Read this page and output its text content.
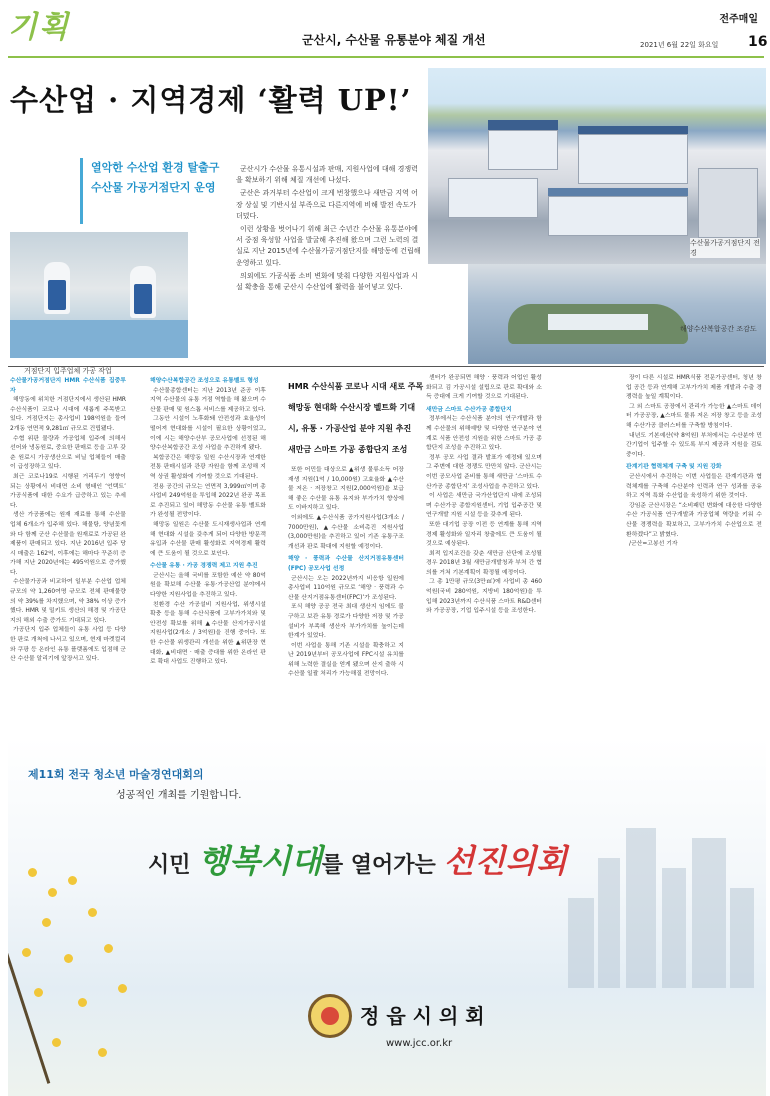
기획	군산시, 수산물 유통분야 체질 개선
전주매일
2021년 6월 22일 화요일 16
수산업 · 지역경제 ‘활력 UP!’
수산물가공거점단지 전경
열악한 수산업 환경 탈출구
수산물 가공거점단지 운영

군산시가 수산물 유통시설과 판매, 지원사업에 대해 경쟁력을 확보하기 위해 체질 개선에 나섰다.

군산은 과거부터 수산업이 크게 번창했으나 새만금 지역 어장 상실 및 기반시설 부족으로 다른지역에 비해 발전 속도가 더뎠다.

이런 상황을 벗어나기 위해 최근 수년간 수산물 유통분야에서 중점 육성할 사업을 발굴해 추진해 왔으며 그런 노력의 결실로 지난 2015년에 수산물가공거점단지를 해망동에 건립해 운영하고 있다.

의외에도 가공식품 소비 변화에 맞춰 다양한 지원사업과 시설 확충을 통해 군산시 수산업에 활력을 불어넣고 있다.

거점단지 입주업체 가공 작업
해양수산복합공간 조감도
수산물가공거점단지 HMR 수산식품 집중투자

해망동에 위치한 거점단지에서 생산된 HMR 수산식품이 코로나 시대에 새롭게 주목받고 있다. 거점단지는 총사업비 198억원을 들여 2개동 연면적 9,281㎡ 규모로 건립됐다.

수협 위판 물량과 가공업체 입주에 의해서 선어와 냉동원료, 중요한 판매로 등을 고루 갖춘 원료시 가공생산으로 비닐 업체들이 매출이 급성장하고 있다.

최근 코로나19로 시행된 거리두기 영향이 되는 상황에서 비대면 소비 형태인 ‘언택트’ 가공식품에 대한 수요가 급증하고 있는 추세다.

생산 가공품에는 원재 재료를 통해 수산물 업체 6개소가 입주해 있다. 해물탕, 양념꽃게와 다 함께 군산 수산물을 원재료로 가공된 완제품이 판매되고 있다. 지난 2016년 입주 당시 매출은 162억, 이후에는 해마다 꾸준히 증가해 지난 2020년에는 495억원으로 증가했다.

수산물가공과 비교하여 일부분 수산업 업체 규모의 약 1,260여명 규모로 전체 판매물량의 약 39%를 차지했으며, 약 38% 이상 증가했다. HMR 및 밀키트 생산의 해경 및 가공단지의 해외 수출 증가도 기대되고 있다.

가공단지 입주 업체들이 유통 사업 등 다양한 판로 개척에 나서고 있으며, 현재 마켓컬리와 쿠팡 등 온라인 유통 플랫폼에도 입점해 군산 수산물 알리기에 앞장서고 있다.

해양수산복합공간 조성으로 유통벨트 형성

수산물종합센터는 지난 2013년 준공 이후 지역 수산물의 유통 거점 역할을 해 왔으며 수산물 판매 및 원스톱 서비스를 제공하고 있다.

그동안 시설이 노후화돼 안전성과 효율성이 떨어져 현대화를 시설이 필요한 상황이었고, 이에 시는 해양수산부 공모사업에 선정된 해양수산복합공간 조성 사업을 추진하게 됐다.

복합공간은 해망동 일원 수산시장과 연계한 전통 판매시설과 관광 자원을 함께 조성해 지역 상권 활성화에 기여할 것으로 기대된다.

전용 공간의 규모는 연면적 3,999㎡이며 총 사업비 249억원을 투입해 2022년 완공 목표로 추진되고 있어 해망동 수산물 유통 벨트화가 완성될 전망이다.

해망동 일원은 수산물 도시재생사업과 연계해 현대화 시설을 갖추게 되어 다양한 방문객 유입과 수산물 판매 활성화로 지역경제 활력에 큰 도움이 될 것으로 보인다.

수산물 유통 · 가공 경쟁력 제고 지원 추진

군산시는 올해 국비를 포함한 예산 약 80억원을 확보해 수산물 유통·가공산업 분야에서 다양한 지원사업을 추진하고 있다.

친환경 수산 가공설비 지원사업, 위생시설 확충 등을 통해 수산식품에 고부가가치와 및 안전성 확보를 위해 ▲수산물 산지가공시설 지원사업(2개소 / 3억원)을 진행 중이다. 또한 수산물 위생관리 개선을 위한 ▲위판장 현대화, ▲비대면 · 매출 증대를 위한 온라인 판로 확대 사업도 진행하고 있다.

HMR 수산식품 코로나 시대 새로 주목
해망동 현대화 수산시장 벨트화 기대
시, 유통 · 가공산업 분야 지원 추진
새만금 스마트 가공 종합단지 조성

또한 어민들 대상으로 ▲위생 물류소득 어장 재생 지원(1억 / 10,000원) 고효율화 ▲수산물 저온 · 저장창고 지원(2,000억원)을 보급해 좋은 수산물 유통 유지와 부가가치 향상에도 이바지하고 있다.

이외에도 ▲수산식품 공가지원사업(3개소 / 7000만원), ▲수산물 소비촉진 지원사업(3,000만원)을 추진하고 있어 기존 유통구조 개선과 판로 확대에 지원할 예정이다.

해양 · 풍력과 수산물 산지거점유통센터(FPC) 공모사업 선정

군산시는 오는 2022년까지 비응항 일원에 총사업비 110억원 규모로 ‘해양 · 풍력과 수산물 산지거점유통센터(FPC)’가 조성된다.

포식 해양 공공 전국 최대 생산지 임에도 불구하고 보관 유통 경로가 다양한 저장 및 가공설비가 부족해 생산자 부가가치를 높이는데 한계가 있었다.

이번 사업을 통해 기존 시설을 확충하고 지난 2019년부터 공모사업에 FPC시설 유치를 위해 노력한 결실을 얻게 됐으며 산지 출하 시 수산물 일괄 처리가 가능해질 전망이다.

센터가 완공되면 해양 · 풍력과 어업인 활성화되고 김 가공시설 설립으로 판로 확대와 소득 증대에 크게 기여할 것으로 기대된다.

새만금 스마트 수산가공 종합단지

정부에서는 수산식품 분야의 연구개발과 함께 수산물의 위해예방 및 다양한 연구분야 연계로 식품 안전성 지원을 위한 스마트 가공 종합단지 조성을 추진하고 있다.

정부 공모 사업 결과 발표가 예정돼 있으며 그 주변에 대한 경쟁도 만만치 않다. 군산시는 이번 공모사업 준비를 통해 새만금 ‘스마트 수산가공 종합단지’ 조성사업을 추진하고 있다.

이 사업은 새만금 국가산업단지 내에 조성되며 수산가공 종합지원센터, 기업 입주공간 및 연구개발 지원 시설 등을 갖추게 된다.

또한 대기업 공장 이전 등 연계를 통해 지역 경제 활성화와 일자리 창출에도 큰 도움이 될 것으로 예상된다.

최적 입지조건을 갖춘 새만금 산단에 조성될 경우 2018년 3월 새만금개발청과 부처 간 협의를 거쳐 기본계획이 확정될 예정이다.

그 총 1만평 규모(3만㎡)에 사업비 총 460억원(국비 280억원, 지방비 180억원)을 투입해 2023년까지 수산식품 스마트 R&D센터와 가공공장, 기업 입주시설 등을 조성한다.

장이 다른 시설로 HMR식품 전문가공센터, 청년 창업 공간 등과 연계해 고부가가치 제품 개발과 수출 경쟁력을 높일 계획이다.

그 외 스마트 공장에서 관리가 가능한 ▲스마트 데이터 가공공장, ▲스마트 물류 저온 저장 창고 등을 조성해 수산가공 클러스터를 구축할 방침이다.

내년도 기본예산(약 8억원) 부처에서는 수산분야 민간기업이 입주할 수 있도록 부지 제공과 지원을 검토 중이다.

관계기관 협력체계 구축 및 지원 강화

군산시에서 추진하는 이번 사업들은 관계기관과 협력체계를 구축해 수산분야 인력과 연구 성과를 공유하고 지역 특화 수산업을 육성하기 위한 것이다.

강임준 군산시장은 “소비패턴 변화에 대응한 다양한 수산 가공식품 연구개발과 가공업체 역량을 키워 수산물 경쟁력을 확보하고, 고부가가치 수산업으로 전환하겠다”고 밝혔다.

/군산=고봉선 기자

제11회 전국 청소년 마술경연대회의
성공적인 개최를 기원합니다.
시민 행복시대를 열어가는 선진의회
정읍시의회
www.jcc.or.kr
